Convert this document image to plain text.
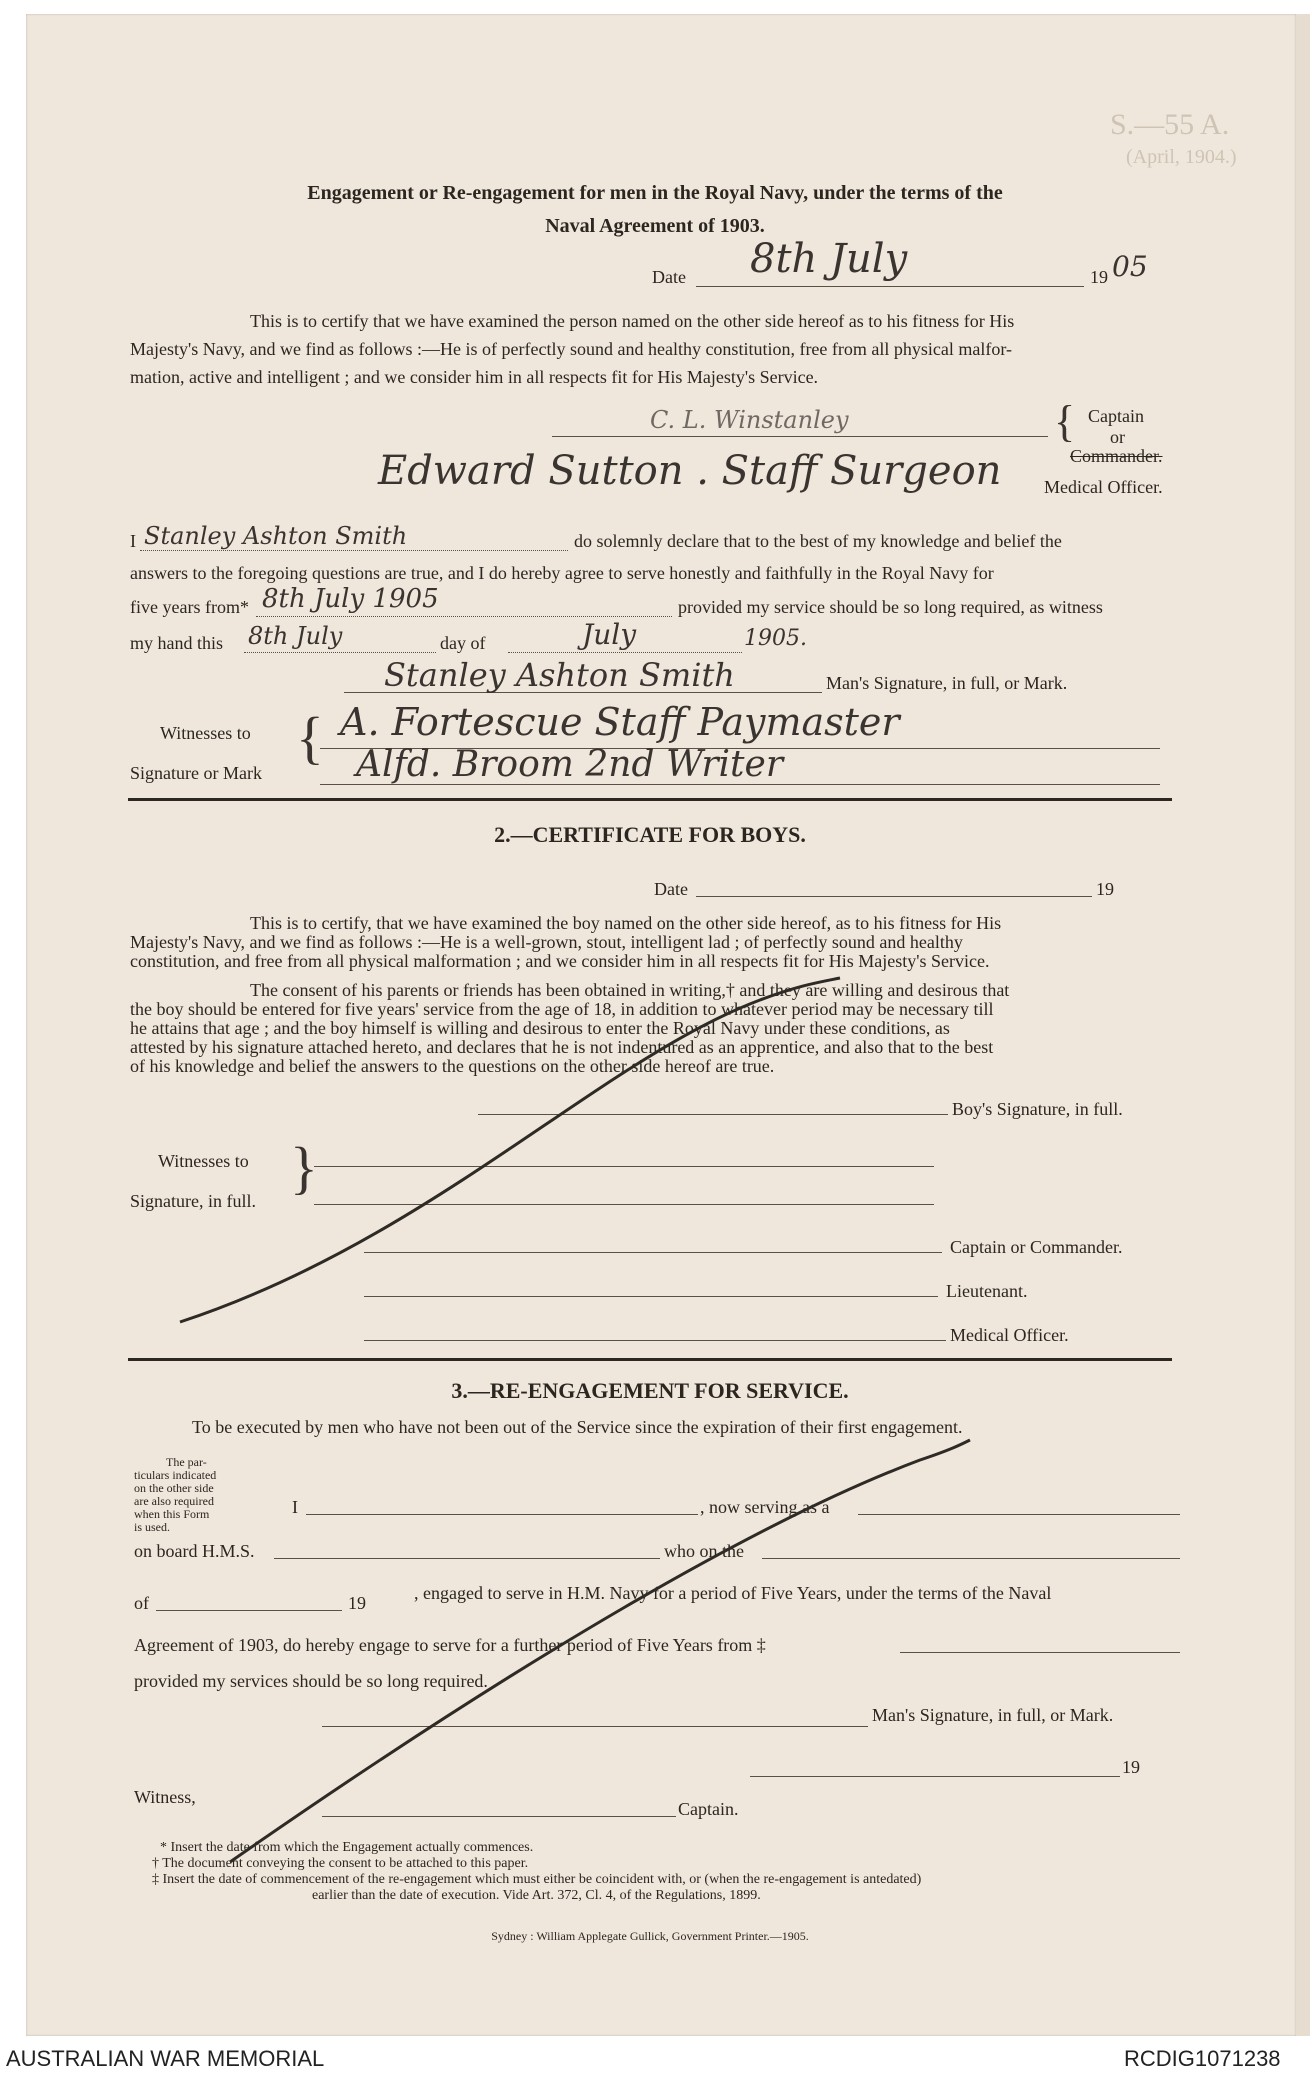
S.—55 A.
(April, 1904.)
Engagement or Re-engagement for men in the Royal Navy, under the terms of the
Naval Agreement of 1903.
Date 8th July	19 05
This is to certify that we have examined the person named on the other side hereof as to his fitness for His
Majesty's Navy, and we find as follows :—He is of perfectly sound and healthy constitution, free from all physical malfor-
mation, active and intelligent ; and we consider him in all respects fit for His Majesty's Service.
C. L. Winstanley	{ Captain
or
Commander.
Edward Sutton . Staff Surgeon Medical Officer.
I Stanley Ashton Smith	do solemnly declare that to the best of my knowledge and belief the
answers to the foregoing questions are true, and I do hereby agree to serve honestly and faithfully in the Royal Navy for
five years from* 8th July 1905	provided my service should be so long required, as witness
my hand this 8th July	day of	July	1905.
Stanley Ashton Smith	Man's Signature, in full, or Mark.
Witnesses to
Signature or Mark
{ A. Fortescue Staff Paymaster
Alfd. Broom 2nd Writer
2.—CERTIFICATE FOR BOYS.
Date	19
This is to certify, that we have examined the boy named on the other side hereof, as to his fitness for His
Majesty's Navy, and we find as follows :—He is a well-grown, stout, intelligent lad ; of perfectly sound and healthy
constitution, and free from all physical malformation ; and we consider him in all respects fit for His Majesty's Service.
The consent of his parents or friends has been obtained in writing,† and they are willing and desirous that
the boy should be entered for five years' service from the age of 18, in addition to whatever period may be necessary till
he attains that age ; and the boy himself is willing and desirous to enter the Royal Navy under these conditions, as
attested by his signature attached hereto, and declares that he is not indentured as an apprentice, and also that to the best
of his knowledge and belief the answers to the questions on the other side hereof are true.
Boy's Signature, in full.
Witnesses to
Signature, in full.
}
Captain or Commander.
Lieutenant.
Medical Officer.
3.—RE-ENGAGEMENT FOR SERVICE.
To be executed by men who have not been out of the Service since the expiration of their first engagement.
The par-
ticulars indicated
on the other side
are also required
when this Form
is used.
I	, now serving as a
on board H.M.S.	who on the
of	19	, engaged to serve in H.M. Navy for a period of Five Years, under the terms of the Naval
Agreement of 1903, do hereby engage to serve for a further period of Five Years from ‡
provided my services should be so long required.
Man's Signature, in full, or Mark.
19
Witness,
Captain.
* Insert the date from which the Engagement actually commences.
† The document conveying the consent to be attached to this paper.
‡ Insert the date of commencement of the re-engagement which must either be coincident with, or (when the re-engagement is antedated)
earlier than the date of execution. Vide Art. 372, Cl. 4, of the Regulations, 1899.
Sydney : William Applegate Gullick, Government Printer.—1905.
AUSTRALIAN WAR MEMORIAL	RCDIG1071238
